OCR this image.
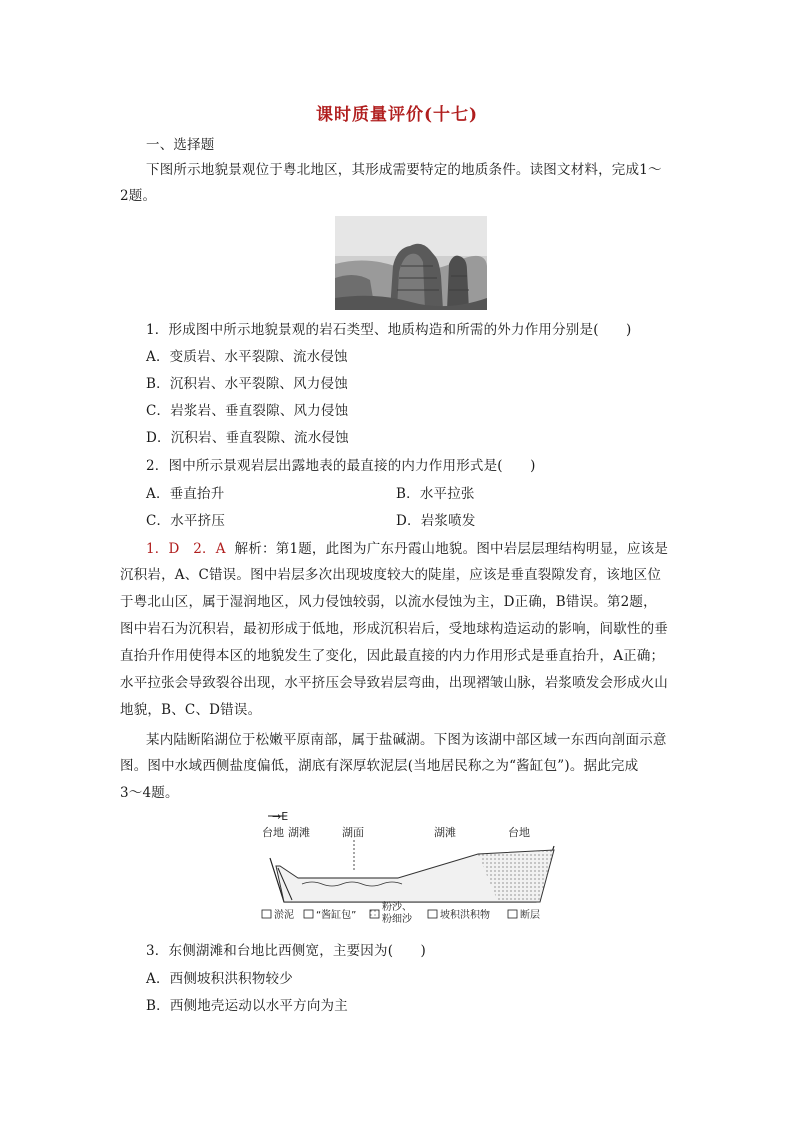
课时质量评价(十七)
一、选择题
下图所示地貌景观位于粤北地区，其形成需要特定的地质条件。读图文材料，完成1～
2题。
1．形成图中所示地貌景观的岩石类型、地质构造和所需的外力作用分别是(　　)
A．变质岩、水平裂隙、流水侵蚀
B．沉积岩、水平裂隙、风力侵蚀
C．岩浆岩、垂直裂隙、风力侵蚀
D．沉积岩、垂直裂隙、流水侵蚀
2．图中所示景观岩层出露地表的最直接的内力作用形式是(　　)
A．垂直抬升	B．水平拉张
C．水平挤压	D．岩浆喷发
1．D　2．A 解析：第1题，此图为广东丹霞山地貌。图中岩层层理结构明显，应该是
沉积岩，A、C错误。图中岩层多次出现坡度较大的陡崖，应该是垂直裂隙发育，该地区位
于粤北山区，属于湿润地区，风力侵蚀较弱，以流水侵蚀为主，D正确，B错误。第2题，
图中岩石为沉积岩，最初形成于低地，形成沉积岩后，受地球构造运动的影响，间歇性的垂
直抬升作用使得本区的地貌发生了变化，因此最直接的内力作用形式是垂直抬升，A正确；
水平拉张会导致裂谷出现，水平挤压会导致岩层弯曲，出现褶皱山脉，岩浆喷发会形成火山
地貌，B、C、D错误。
某内陆断陷湖位于松嫩平原南部，属于盐碱湖。下图为该湖中部区域一东西向剖面示意
图。图中水域西侧盐度偏低，湖底有深厚软泥层(当地居民称之为“酱缸包”)。据此完成
3～4题。
→E
台地 湖滩	湖面	湖滩	台地
淤泥 “酱缸包”
粉沙、
粉细沙	坡积洪积物	断层
3．东侧湖滩和台地比西侧宽，主要因为(　　)
A．西侧坡积洪积物较少
B．西侧地壳运动以水平方向为主
